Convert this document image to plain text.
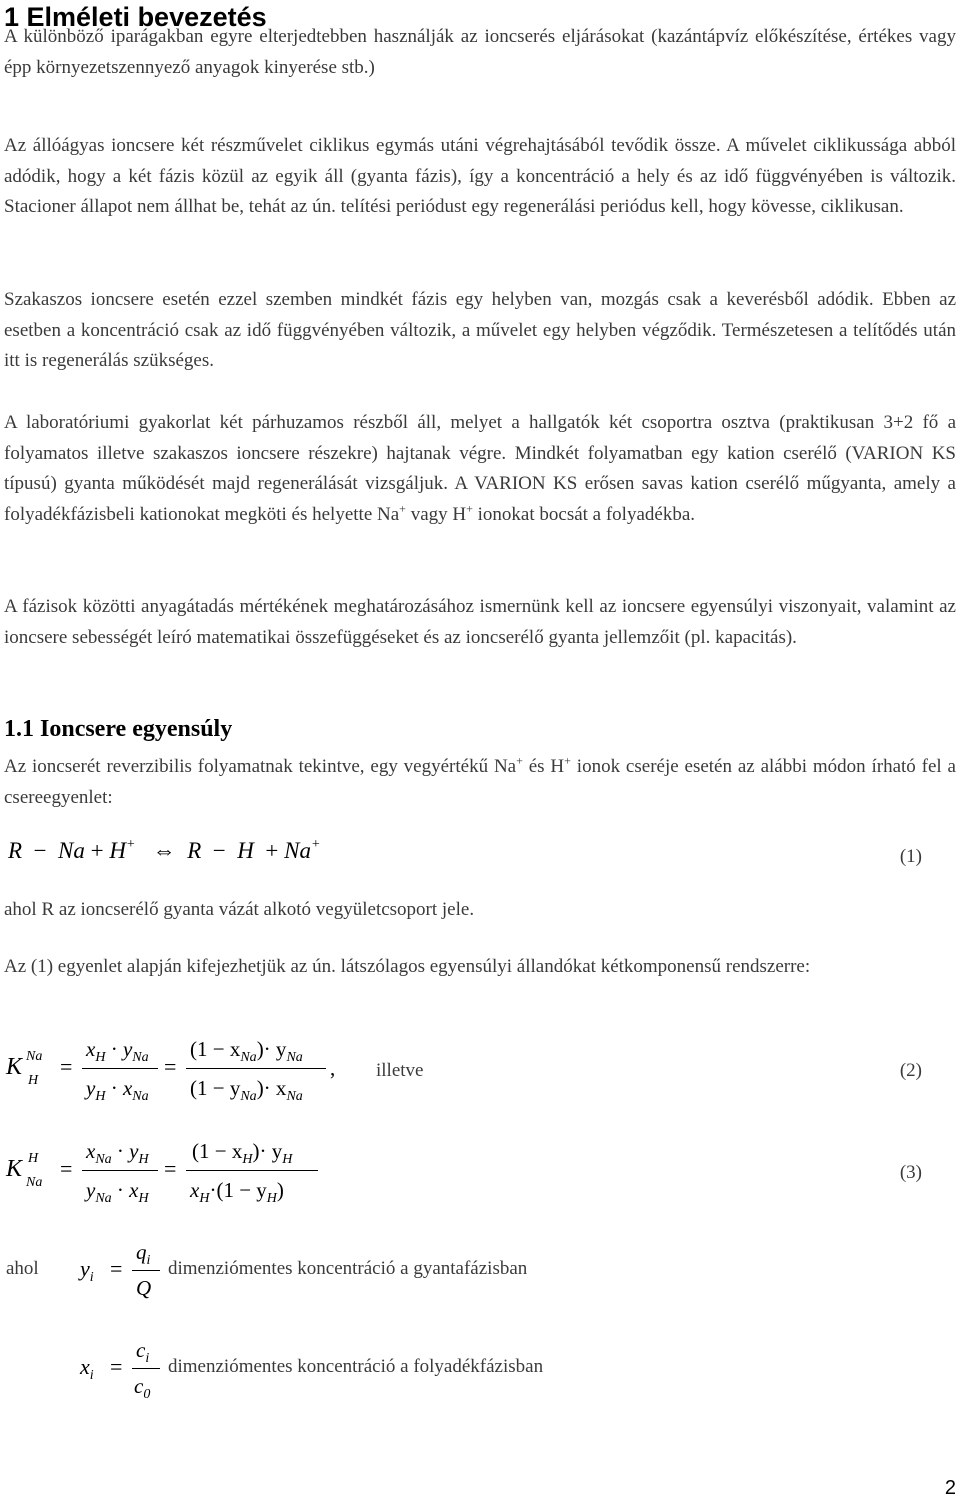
1 Elméleti bevezetés
A különböző iparágakban egyre elterjedtebben használják az ioncserés eljárásokat (kazántápvíz előkészítése, értékes vagy épp környezetszennyező anyagok kinyerése stb.)
Az állóágyas ioncsere két részművelet ciklikus egymás utáni végrehajtásából tevődik össze. A művelet ciklikussága abból adódik, hogy a két fázis közül az egyik áll (gyanta fázis), így a koncentráció a hely és az idő függvényében is változik. Stacioner állapot nem állhat be, tehát az ún. telítési periódust egy regenerálási periódus kell, hogy kövesse, ciklikusan.
Szakaszos ioncsere esetén ezzel szemben mindkét fázis egy helyben van, mozgás csak a keverésből adódik. Ebben az esetben a koncentráció csak az idő függvényében változik, a művelet egy helyben végződik. Természetesen a telítődés után itt is regenerálás szükséges.
A laboratóriumi gyakorlat két párhuzamos részből áll, melyet a hallgatók két csoportra osztva (praktikusan 3+2 fő a folyamatos illetve szakaszos ioncsere részekre) hajtanak végre. Mindkét folyamatban egy kation cserélő (VARION KS típusú) gyanta működését majd regenerálását vizsgáljuk. A VARION KS erősen savas kation cserélő műgyanta, amely a folyadékfázisbeli kationokat megköti és helyette Na+ vagy H+ ionokat bocsát a folyadékba.
A fázisok közötti anyagátadás mértékének meghatározásához ismernünk kell az ioncsere egyensúlyi viszonyait, valamint az ioncsere sebességét leíró matematikai összefüggéseket és az ioncserélő gyanta jellemzőit (pl. kapacitás).
1.1 Ioncsere egyensúly
Az ioncserét reverzibilis folyamatnak tekintve, egy vegyértékű Na+ és H+ ionok cseréje esetén az alábbi módon írható fel a csereegyenlet:
R − Na + H+ ⇔ R − H + Na+
(1)
ahol R az ioncserélő gyanta vázát alkotó vegyületcsoport jele.
Az (1) egyenlet alapján kifejezhetjük az ún. látszólagos egyensúlyi állandókat kétkomponensű rendszerre:
K Na
H
=
$x_H \cdot y_{Na}$
$y_H \cdot x_{Na}$
=
$(1 - x_{Na})\cdot y_{Na}$
$(1 - y_{Na})\cdot x_{Na}$
, illetve	(2)
K H
Na
=
$x_{Na} \cdot y_H$
$y_{Na} \cdot x_H$
=
$(1 - x_H)\cdot y_H$
$x_H\cdot(1 - y_H)$
(3)
ahol $y_i$ =
$q_i$
Q
dimenziómentes koncentráció a gyantafázisban
$x_i$ =
$c_i$
$c_0$
dimenziómentes koncentráció a folyadékfázisban
2
